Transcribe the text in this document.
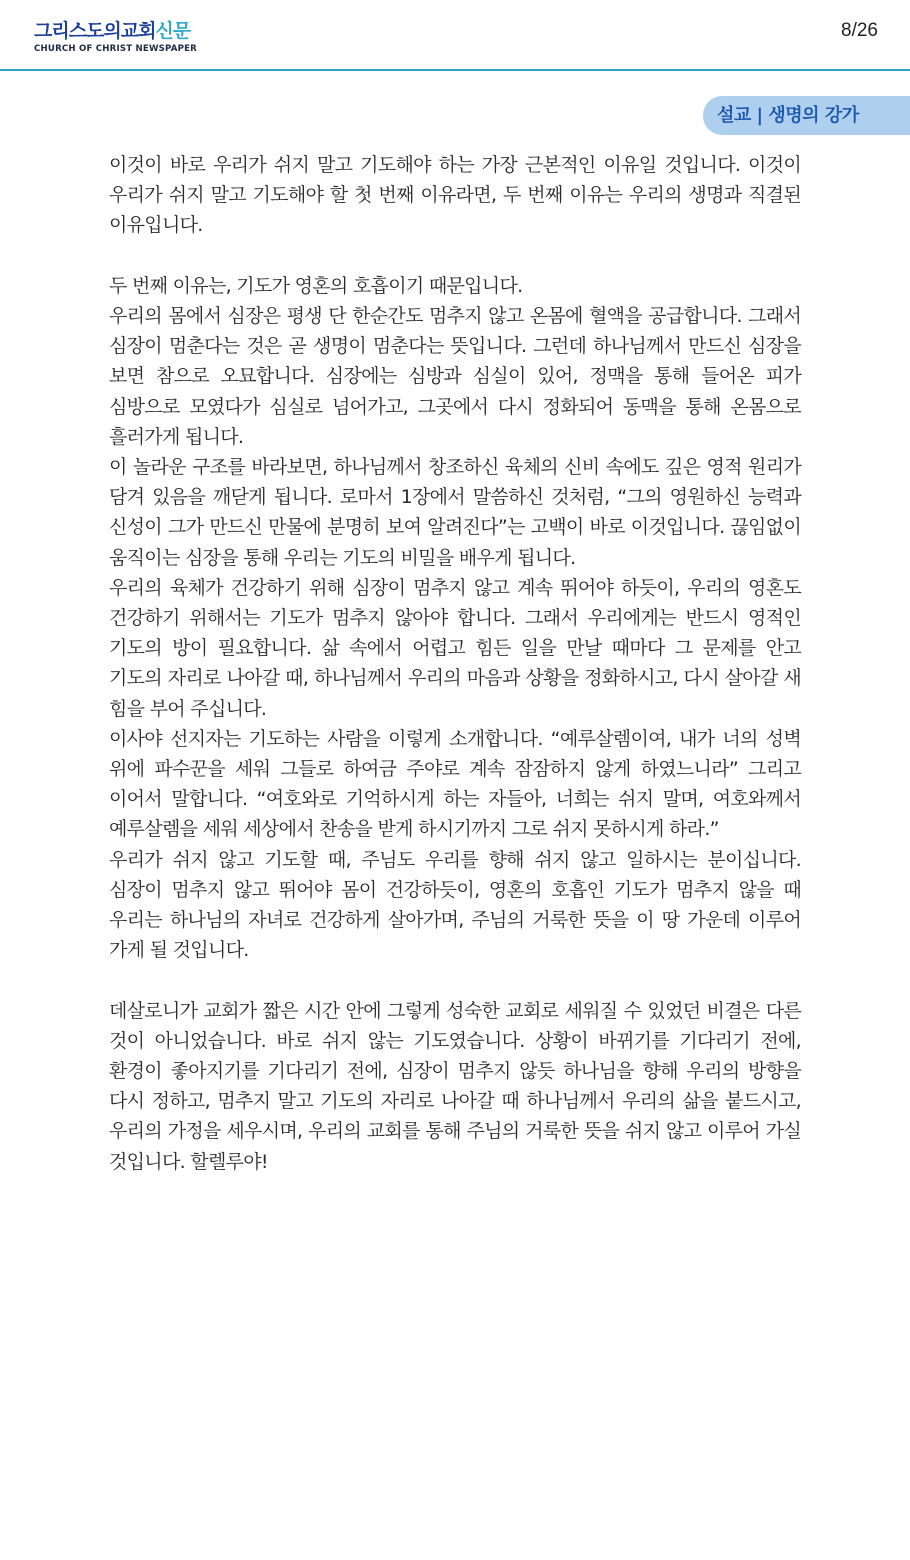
그리스도의교회신문
CHURCH OF CHRIST NEWSPAPER
8/26
설교 | 생명의 강가

이것이 바로 우리가 쉬지 말고 기도해야 하는 가장 근본적인 이유일 것입니다. 이것이 우리가 쉬지 말고 기도해야 할 첫 번째 이유라면, 두 번째 이유는 우리의 생명과 직결된 이유입니다.

두 번째 이유는, 기도가 영혼의 호흡이기 때문입니다.

우리의 몸에서 심장은 평생 단 한순간도 멈추지 않고 온몸에 혈액을 공급합니다. 그래서 심장이 멈춘다는 것은 곧 생명이 멈춘다는 뜻입니다. 그런데 하나님께서 만드신 심장을 보면 참으로 오묘합니다. 심장에는 심방과 심실이 있어, 정맥을 통해 들어온 피가 심방으로 모였다가 심실로 넘어가고, 그곳에서 다시 정화되어 동맥을 통해 온몸으로 흘러가게 됩니다.

이 놀라운 구조를 바라보면, 하나님께서 창조하신 육체의 신비 속에도 깊은 영적 원리가 담겨 있음을 깨닫게 됩니다. 로마서 1장에서 말씀하신 것처럼, “그의 영원하신 능력과 신성이 그가 만드신 만물에 분명히 보여 알려진다”는 고백이 바로 이것입니다. 끊임없이 움직이는 심장을 통해 우리는 기도의 비밀을 배우게 됩니다.

우리의 육체가 건강하기 위해 심장이 멈추지 않고 계속 뛰어야 하듯이, 우리의 영혼도 건강하기 위해서는 기도가 멈추지 않아야 합니다. 그래서 우리에게는 반드시 영적인 기도의 방이 필요합니다. 삶 속에서 어렵고 힘든 일을 만날 때마다 그 문제를 안고 기도의 자리로 나아갈 때, 하나님께서 우리의 마음과 상황을 정화하시고, 다시 살아갈 새 힘을 부어 주십니다.

이사야 선지자는 기도하는 사람을 이렇게 소개합니다. “예루살렘이여, 내가 너의 성벽 위에 파수꾼을 세워 그들로 하여금 주야로 계속 잠잠하지 않게 하였느니라” 그리고 이어서 말합니다. “여호와로 기억하시게 하는 자들아, 너희는 쉬지 말며, 여호와께서 예루살렘을 세워 세상에서 찬송을 받게 하시기까지 그로 쉬지 못하시게 하라.”

우리가 쉬지 않고 기도할 때, 주님도 우리를 향해 쉬지 않고 일하시는 분이십니다. 심장이 멈추지 않고 뛰어야 몸이 건강하듯이, 영혼의 호흡인 기도가 멈추지 않을 때 우리는 하나님의 자녀로 건강하게 살아가며, 주님의 거룩한 뜻을 이 땅 가운데 이루어 가게 될 것입니다.

데살로니가 교회가 짧은 시간 안에 그렇게 성숙한 교회로 세워질 수 있었던 비결은 다른 것이 아니었습니다. 바로 쉬지 않는 기도였습니다. 상황이 바뀌기를 기다리기 전에, 환경이 좋아지기를 기다리기 전에, 심장이 멈추지 않듯 하나님을 향해 우리의 방향을 다시 정하고, 멈추지 말고 기도의 자리로 나아갈 때 하나님께서 우리의 삶을 붙드시고, 우리의 가정을 세우시며, 우리의 교회를 통해 주님의 거룩한 뜻을 쉬지 않고 이루어 가실 것입니다. 할렐루야!
